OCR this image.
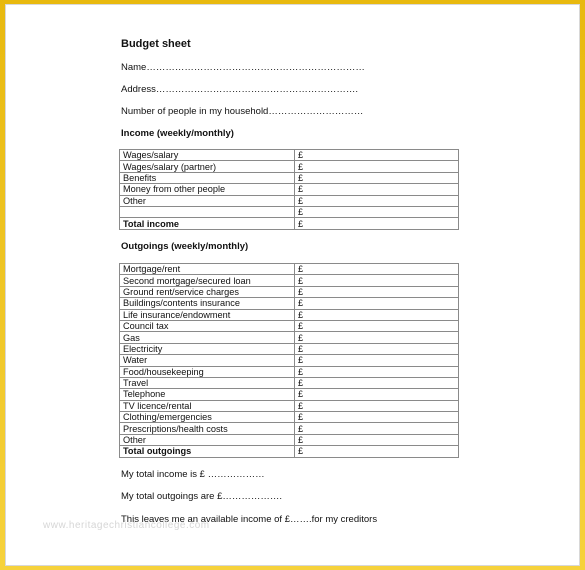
Budget sheet
Name……………………………………………………………
Address……………………………………………………….
Number of people in my household…………………………
Income (weekly/monthly)
Wages/salary	£
Wages/salary (partner)	£
Benefits	£
Money from other people	£
Other	£
	£
Total income	£
Outgoings (weekly/monthly)
Mortgage/rent	£
Second mortgage/secured loan	£
Ground rent/service charges	£
Buildings/contents insurance	£
Life insurance/endowment	£
Council tax	£
Gas	£
Electricity	£
Water	£
Food/housekeeping	£
Travel	£
Telephone	£
TV licence/rental	£
Clothing/emergencies	£
Prescriptions/health costs	£
Other	£
Total outgoings	£
My total income is £ ………………
My total outgoings are £……………….
This leaves me an available income of £…….for my creditors
www.heritagechristiancollege.com
